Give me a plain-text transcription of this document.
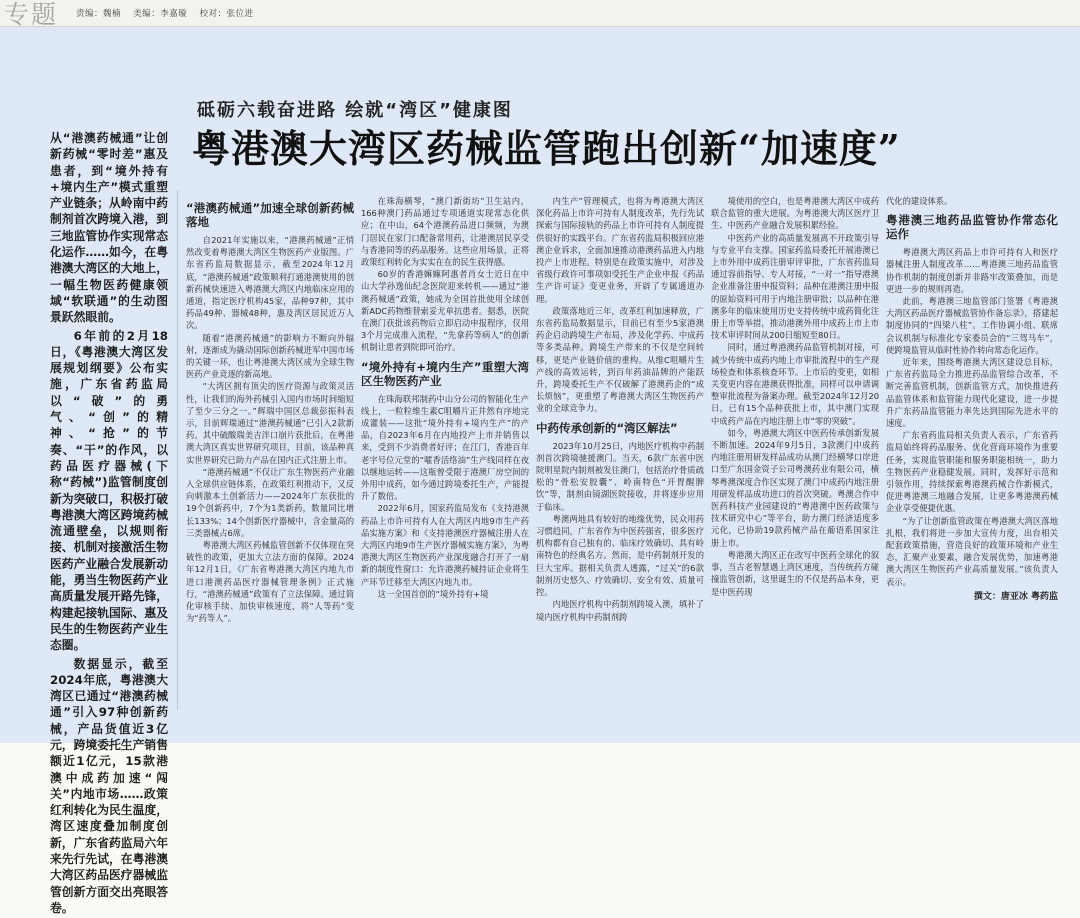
专题 责编：魏楠 美编：李嘉璇 校对：张位进
砥砺六载奋进路 绘就“湾区”健康图
粤港澳大湾区药械监管跑出创新“加速度”

从“港澳药械通”让创新药械“零时差”惠及患者，到“境外持有+境内生产”模式重塑产业链条；从岭南中药制剂首次跨境入港，到三地监管协作实现常态化运作……如今，在粤港澳大湾区的大地上，一幅生物医药健康领域“软联通”的生动图景跃然眼前。

6年前的2月18日，《粤港澳大湾区发展规划纲要》公布实施，广东省药监局以“破”的勇气、“创”的精神、“抢”的节奏、“干”的作风，以药品医疗器械(下称“药械”)监管制度创新为突破口，积极打破粤港澳大湾区跨境药械流通壁垒，以规则衔接、机制对接激活生物医药产业融合发展新动能，勇当生物医药产业高质量发展开路先锋，构建起接轨国际、惠及民生的生物医药产业生态圈。

数据显示，截至2024年底，粤港澳大湾区已通过“港澳药械通”引入97种创新药械，产品货值近3亿元，跨境委托生产销售额近1亿元，15款港澳中成药加速“闯关”内地市场……政策红利转化为民生温度，湾区速度叠加制度创新，广东省药监局六年来先行先试，在粤港澳大湾区药品医疗器械监管创新方面交出亮眼答卷。

“港澳药械通”加速全球创新药械落地

自2021年实施以来，“港澳药械通”正悄然改变着粤港澳大湾区生物医药产业版图。广东省药监局数据显示，截至2024年12月底，“港澳药械通”政策顺利打通港澳使用的创新药械快速进入粤港澳大湾区内地临床应用的通道，指定医疗机构45家，品种97种，其中药品49种、器械48种，惠及湾区居民近万人次。

随着“港澳药械通”的影响力不断向外辐射，逐渐成为撬动国际创新药械进军中国市场的关键一环，也让粤港澳大湾区成为全球生物医药产业竞逐的新高地。

“大湾区拥有顶尖的医疗资源与政策灵活性，让我们的海外药械引入国内市场时间缩短了至少三分之一。”辉瑞中国区总裁彭振科表示，目前辉瑞通过“港澳药械通”已引入2款新药。其中硫酸瑞美吉泮口崩片获批后，在粤港澳大湾区真实世界研究项目，目前，该品种真实世界研究已助力产品在国内正式注册上市。

“港澳药械通”不仅让广东生物医药产业融入全球供应链体系，在政策红利推动下，又反向刺激本土创新活力——2024年广东获批的19个创新药中，7个为1类新药，数量同比增长133%；14个创新医疗器械中，含金量高的三类器械占6席。

粤港澳大湾区药械监管创新不仅体现在突破性的政策，更加大立法方面的保障。2024年12月1日，《广东省粤港澳大湾区内地九市进口港澳药品医疗器械管理条例》正式施行，“港澳药械通”政策有了立法保障。通过简化审核手续、加快审核速度，将“人等药”变为“药等人”。

在珠海横琴，“澳门新街坊”卫生站内，166种澳门药品通过专项通道实现常态化供应；在中山，64个港澳药品进口频频，为澳门居民在家门口配备常用药，让港澳居民享受与香港同等的药品服务。这些应用场景，正将政策红利转化为实实在在的民生获得感。

60岁的香港嫲嫲阿惠者肖女士近日在中山大学孙逸仙纪念医院迎来转机——通过“港澳药械通”政策，她成为全国首批使用全球创新ADC药物维替索妥尤单抗患者。据悉，医院在澳门获批该药物后立即启动申报程序，仅用3个月完成准入流程，“先拿药等病人”的创新机制让患者到院即可治疗。

“境外持有+境内生产”重塑大湾区生物医药产业

在珠海联邦制药中山分公司的智能化生产线上，一粒粒维生素C咀嚼片正井然有序地完成灌装——这批“境外持有+境内生产”的产品，自2023年6月在内地投产上市并销售以来，受到不少消费者好评；在江门，香港百年老字号位元堂的“嚯香活络油”生产线同样在夜以继地运转——这瓶曾受限于港澳厂房空间的外用中成药，如今通过跨境委托生产，产能提升了数倍。

2022年6月，国家药监局发布《支持港澳药品上市许可持有人在大湾区内地9市生产药品实施方案》和《支持港澳医疗器械注册人在大湾区内地9市生产医疗器械实施方案》，为粤港澳大湾区生物医药产业深度融合打开了一扇新的制度性窗口：允许港澳药械持证企业将生产环节迁移至大湾区内地九市。

这一全国首创的“境外持有+境

内生产”管理模式，也将为粤港澳大湾区深化药品上市许可持有人制度改革，先行先试探索与国际接轨的药品上市许可持有人制度提供很好的实践平台。广东省药监局积极回应港澳企业诉求，全面加速推动港澳药品进入内地投产上市进程。特别是在政策实施中，对涉及省级行政许可事项如受托生产企业申报《药品生产许可证》变更业务，开辟了专属通道办理。

政策落地近三年，改革红利加速释放，广东省药监局数据显示，目前已有至少5家港澳药企启动跨境生产布局，涉及化学药、中成药等多类品种。跨境生产带来的不仅是空间转移，更是产业链价值的重构。从维C咀嚼片生产线的高效运转，到百年药油品牌的产能跃升，跨境委托生产不仅破解了港澳药企的“成长烦恼”，更重塑了粤港澳大湾区生物医药产业的全球竞争力。

中药传承创新的“湾区解法”

2023年10月25日，内地医疗机构中药制剂首次跨境驰援澳门。当天，6款广东省中医院明星院内制剂被发往澳门，包括治疗骨质疏松的“骨松安胶囊”、岭南特色“开胃醒脾饮”等，制剂由镜湖医院接收，并将逐步应用于临床。

粤澳两地具有较好的地缘优势，民众用药习惯趋同，广东省作为中医药强省，很多医疗机构都有自己独有的、临床疗效确切、具有岭南特色的经典名方。然而，是中药制剂开发的巨大宝库。据相关负责人透露，“过关”的6款制剂历史悠久、疗效确切、安全有效、质量可控。

内地医疗机构中药制剂跨境入澳，填补了境内医疗机构中药制剂跨

境使用的空白，也是粤港澳大湾区中成药联合监管的重大进展。为粤港澳大湾区医疗卫生、中医药产业融合发展积累经验。

中医药产业的高质量发展离不开政策引导与专业平台支撑。国家药监局委托开展港澳已上市外用中成药注册审评审批，广东省药监局通过容前指导、专人对接，“一对一”指导港澳企业准备注册申报资料；品种在港澳注册申报的原始资料可用于内地注册审批；以品种在港澳多年的临床使用历史支持传统中成药简化注册上市等举措，推动港澳外用中成药上市上市技术审评时间从200日缩短至80日。

同时，通过粤港澳药品监管机制对接，可减少传统中成药内地上市审批流程中的生产现场检查和体系核查环节。上市后的变更，如相关变更内容在港澳获得批准，同样可以申请调整审批流程为备案办理。截至2024年12月20日，已有15个品种获批上市，其中澳门实现中成药产品在内地注册上市“零的突破”。

如今，粤港澳大湾区中医药传承创新发展不断加速。2024年9月5日，3款澳门中成药内地注册用研发样品成功从澳门经横琴口岸进口至广东国金资子公司粤澳药业有限公司，横琴粤澳深度合作区实现了澳门中成药内地注册用研发样品成功进口的首次突破。粤澳合作中医药科技产业园建设的“粤港澳中医药政策与技术研究中心”等平台，助力澳门经济适度多元化，已协助19款药械产品在葡语系国家注册上市。

粤港澳大湾区正在改写中医药全球化的叙事，当古老智慧遇上湾区速度，当传统药方碰撞监管创新，这里诞生的不仅是药品本身，更是中医药现

代化的建设体系。

粤港澳三地药品监管协作常态化运作

粤港澳大湾区药品上市许可持有人和医疗器械注册人制度改革……粤港澳三地药品监管协作机制的制度创新并非路牢改策叠加，而是更进一步的规则再造。

此前，粤港澳三地监管部门签署《粤港澳大湾区药品医疗器械监管协作备忘录》，搭建起制度协同的“四梁八柱”。工作协调小组、联席会议机制与标准化专家委员会的“三驾马车”，使跨境监管从临时性协作转向常态化运作。

近年来，围绕粤港澳大湾区建设总目标，广东省药监局全力推进药品监管综合改革，不断完善监管机制，创新监管方式，加快推进药品监管体系和监管能力现代化建设，进一步提升广东药品监管能力率先达到国际先进水平的速度。

广东省药监局相关负责人表示，广东省药监局始终将药品服务、优化营商环境作为重要任务，实现监管职能和服务职能相统一，助力生物医药产业稳健发展。同时，发挥好示范和引领作用，持续探索粤港澳药械合作新模式，促进粤港澳三地融合发展，让更多粤港澳药械企业享受便捷优惠。

“为了让创新监管政策在粤港澳大湾区落地扎根，我们将进一步加大宣传力度，出台相关配套政策措施，营造良好的政策环境和产业生态，汇聚产业要素，融合发展优势，加速粤港澳大湾区生物医药产业高质量发展。”该负责人表示。

撰文：唐亚冰 粤药监
